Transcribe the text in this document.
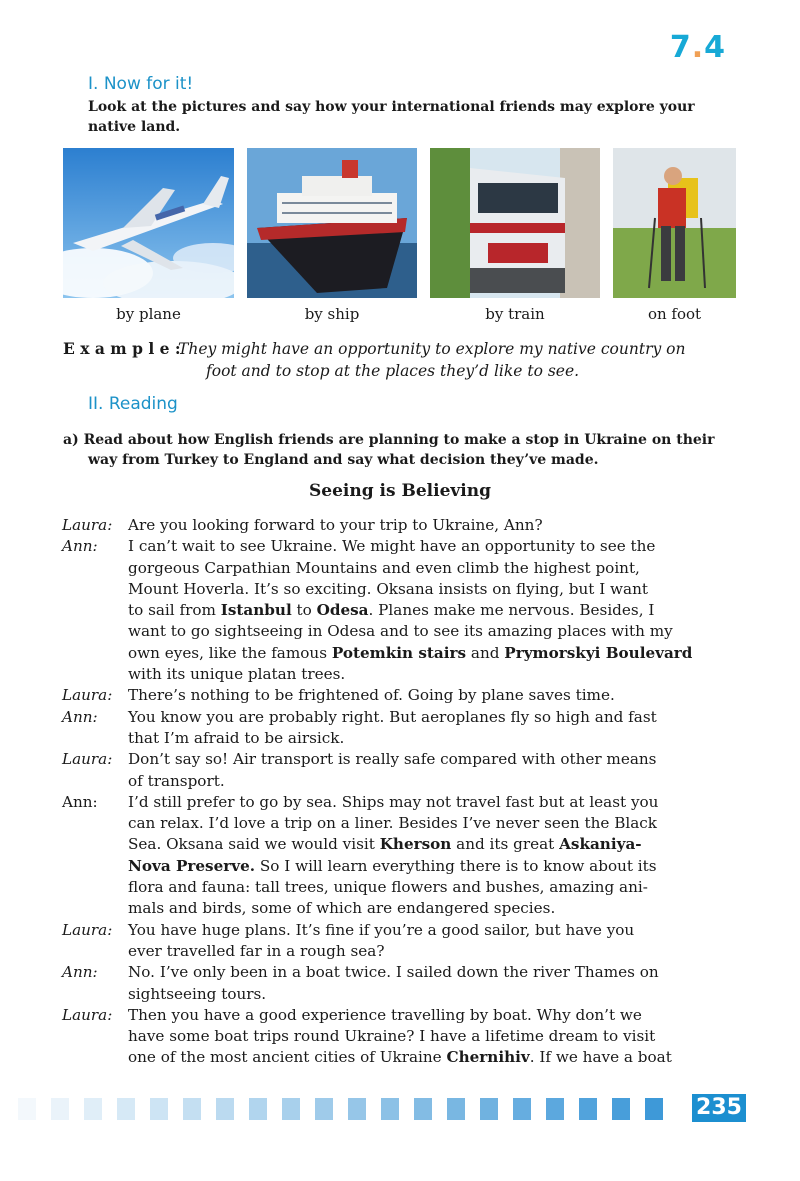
7.4
I. Now for it!
Look at the pictures and say how your international friends may explore your native land.
by plane	by ship	by train	on foot
E x a m p l e :
They might have an opportunity to explore my native country on
foot and to stop at the places they’d like to see.
II. Reading
a) Read about how English friends are planning to make a stop in Ukraine on their
way from Turkey to England and say what decision they’ve made.
Seeing is Believing
Laura: Are you looking forward to your trip to Ukraine, Ann?
Ann: I can’t wait to see Ukraine. We might have an opportunity to see the
gorgeous Carpathian Mountains and even climb the highest point,
Mount Hoverla. It’s so exciting. Oksana insists on flying, but I want
to sail from Istanbul to Odesa. Planes make me nervous. Besides, I
want to go sightseeing in Odesa and to see its amazing places with my
own eyes, like the famous Potemkin stairs and Prymorskyi Boulevard
with its unique platan trees.
Laura: There’s nothing to be frightened of. Going by plane saves time.
Ann: You know you are probably right. But aeroplanes fly so high and fast
that I’m afraid to be airsick.
Laura: Don’t say so! Air transport is really safe compared with other means
of transport.
Ann: I’d still prefer to go by sea. Ships may not travel fast but at least you
can relax. I’d love a trip on a liner. Besides I’ve never seen the Black
Sea. Oksana said we would visit Kherson and its great Askaniya-
Nova Preserve. So I will learn everything there is to know about its
flora and fauna: tall trees, unique flowers and bushes, amazing ani-
mals and birds, some of which are endangered species.
Laura: You have huge plans. It’s fine if you’re a good sailor, but have you
ever travelled far in a rough sea?
Ann: No. I’ve only been in a boat twice. I sailed down the river Thames on
sightseeing tours.
Laura: Then you have a good experience travelling by boat. Why don’t we
have some boat trips round Ukraine? I have a lifetime dream to visit
one of the most ancient cities of Ukraine Chernihiv. If we have a boat
235
